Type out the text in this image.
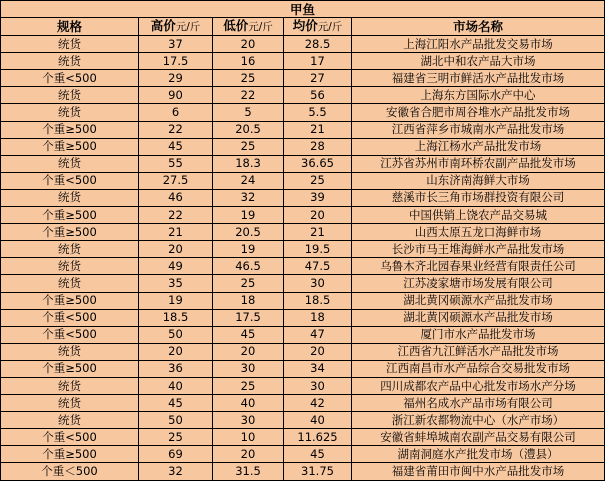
甲鱼				
规格	高价元/斤	低价元/斤	均价元/斤	市场名称
统货	37	20	28.5	上海江阳水产品批发交易市场
统货	17.5	16	17	湖北中和农产品大市场
个重<500	29	25	27	福建省三明市鲜活水产品批发市场
统货	90	22	56	上海东方国际水产中心
统货	6	5	5.5	安徽省合肥市周谷堆水产品批发市场
个重≥500	22	20.5	21	江西省萍乡市城南水产品批发市场
个重≥500	45	25	28	上海江杨水产品批发市场
统货	55	18.3	36.65	江苏省苏州市南环桥农副产品批发市场
个重<500	27.5	24	25	山东济南海鲜大市场
统货	46	32	39	慈溪市长三角市场群投资有限公司
个重≥500	22	19	20	中国供销上饶农产品交易城
个重≥500	21	20.5	21	山西太原五龙口海鲜市场
统货	20	19	19.5	长沙市马王堆海鲜水产品批发市场
统货	49	46.5	47.5	乌鲁木齐北园春果业经营有限责任公司
统货	35	25	30	江苏凌家塘市场发展有限公司
个重≥500	19	18	18.5	湖北黄冈硕源水产品批发市场
个重<500	18.5	17.5	18	湖北黄冈硕源水产品批发市场
个重<500	50	45	47	厦门市水产品批发市场
统货	20	20	20	江西省九江鲜活水产品批发市场
个重≥500	36	30	34	江西南昌市水产品综合交易批发市场
统货	40	25	30	四川成都农产品中心批发市场水产分场
统货	45	40	42	福州名成水产品市场有限公司
统货	50	30	40	浙江新农都物流中心（水产市场）
个重<500	25	10	11.625	安徽省蚌埠城南农副产品交易有限公司
个重≥500	69	20	45	湖南洞庭水产批发市场（澧县）
个重＜500	32	31.5	31.75	福建省莆田市闽中水产品批发市场
